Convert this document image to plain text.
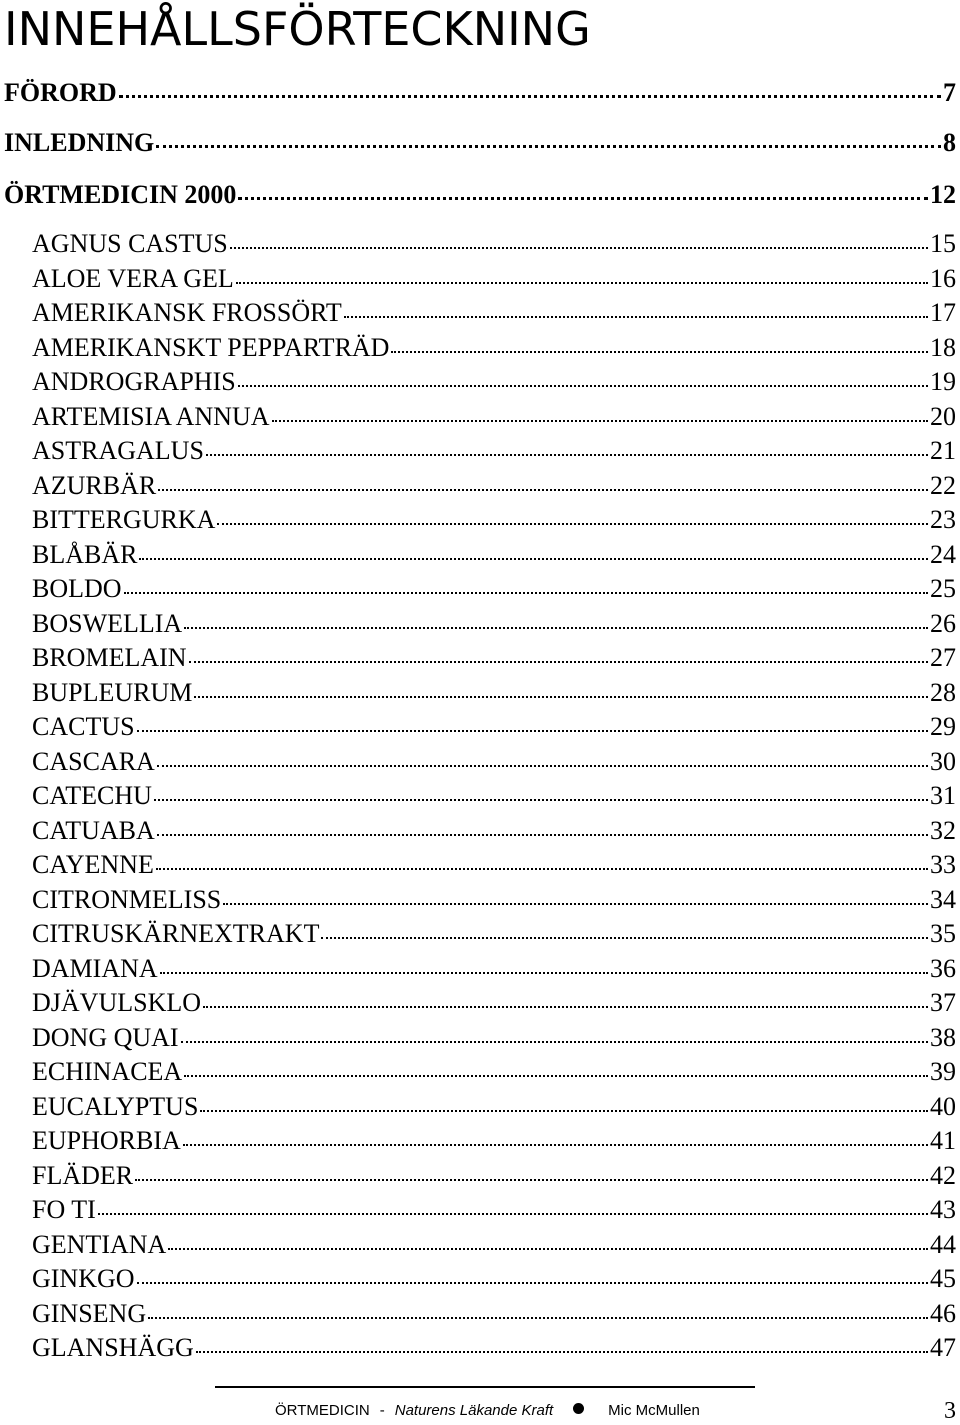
INNEHÅLLSFÖRTECKNING
FÖRORD	7
INLEDNING	8
ÖRTMEDICIN 2000	12
AGNUS CASTUS	15
ALOE VERA GEL	16
AMERIKANSK FROSSÖRT	17
AMERIKANSKT PEPPARTRÄD	18
ANDROGRAPHIS	19
ARTEMISIA ANNUA	20
ASTRAGALUS	21
AZURBÄR	22
BITTERGURKA	23
BLÅBÄR	24
BOLDO	25
BOSWELLIA	26
BROMELAIN	27
BUPLEURUM	28
CACTUS	29
CASCARA	30
CATECHU	31
CATUABA	32
CAYENNE	33
CITRONMELISS	34
CITRUSKÄRNEXTRAKT	35
DAMIANA	36
DJÄVULSKLO	37
DONG QUAI	38
ECHINACEA	39
EUCALYPTUS	40
EUPHORBIA	41
FLÄDER	42
FO TI	43
GENTIANA	44
GINKGO	45
GINSENG	46
GLANSHÄGG	47
3
ÖRTMEDICIN - Naturens Läkande Kraft	Mic McMullen
